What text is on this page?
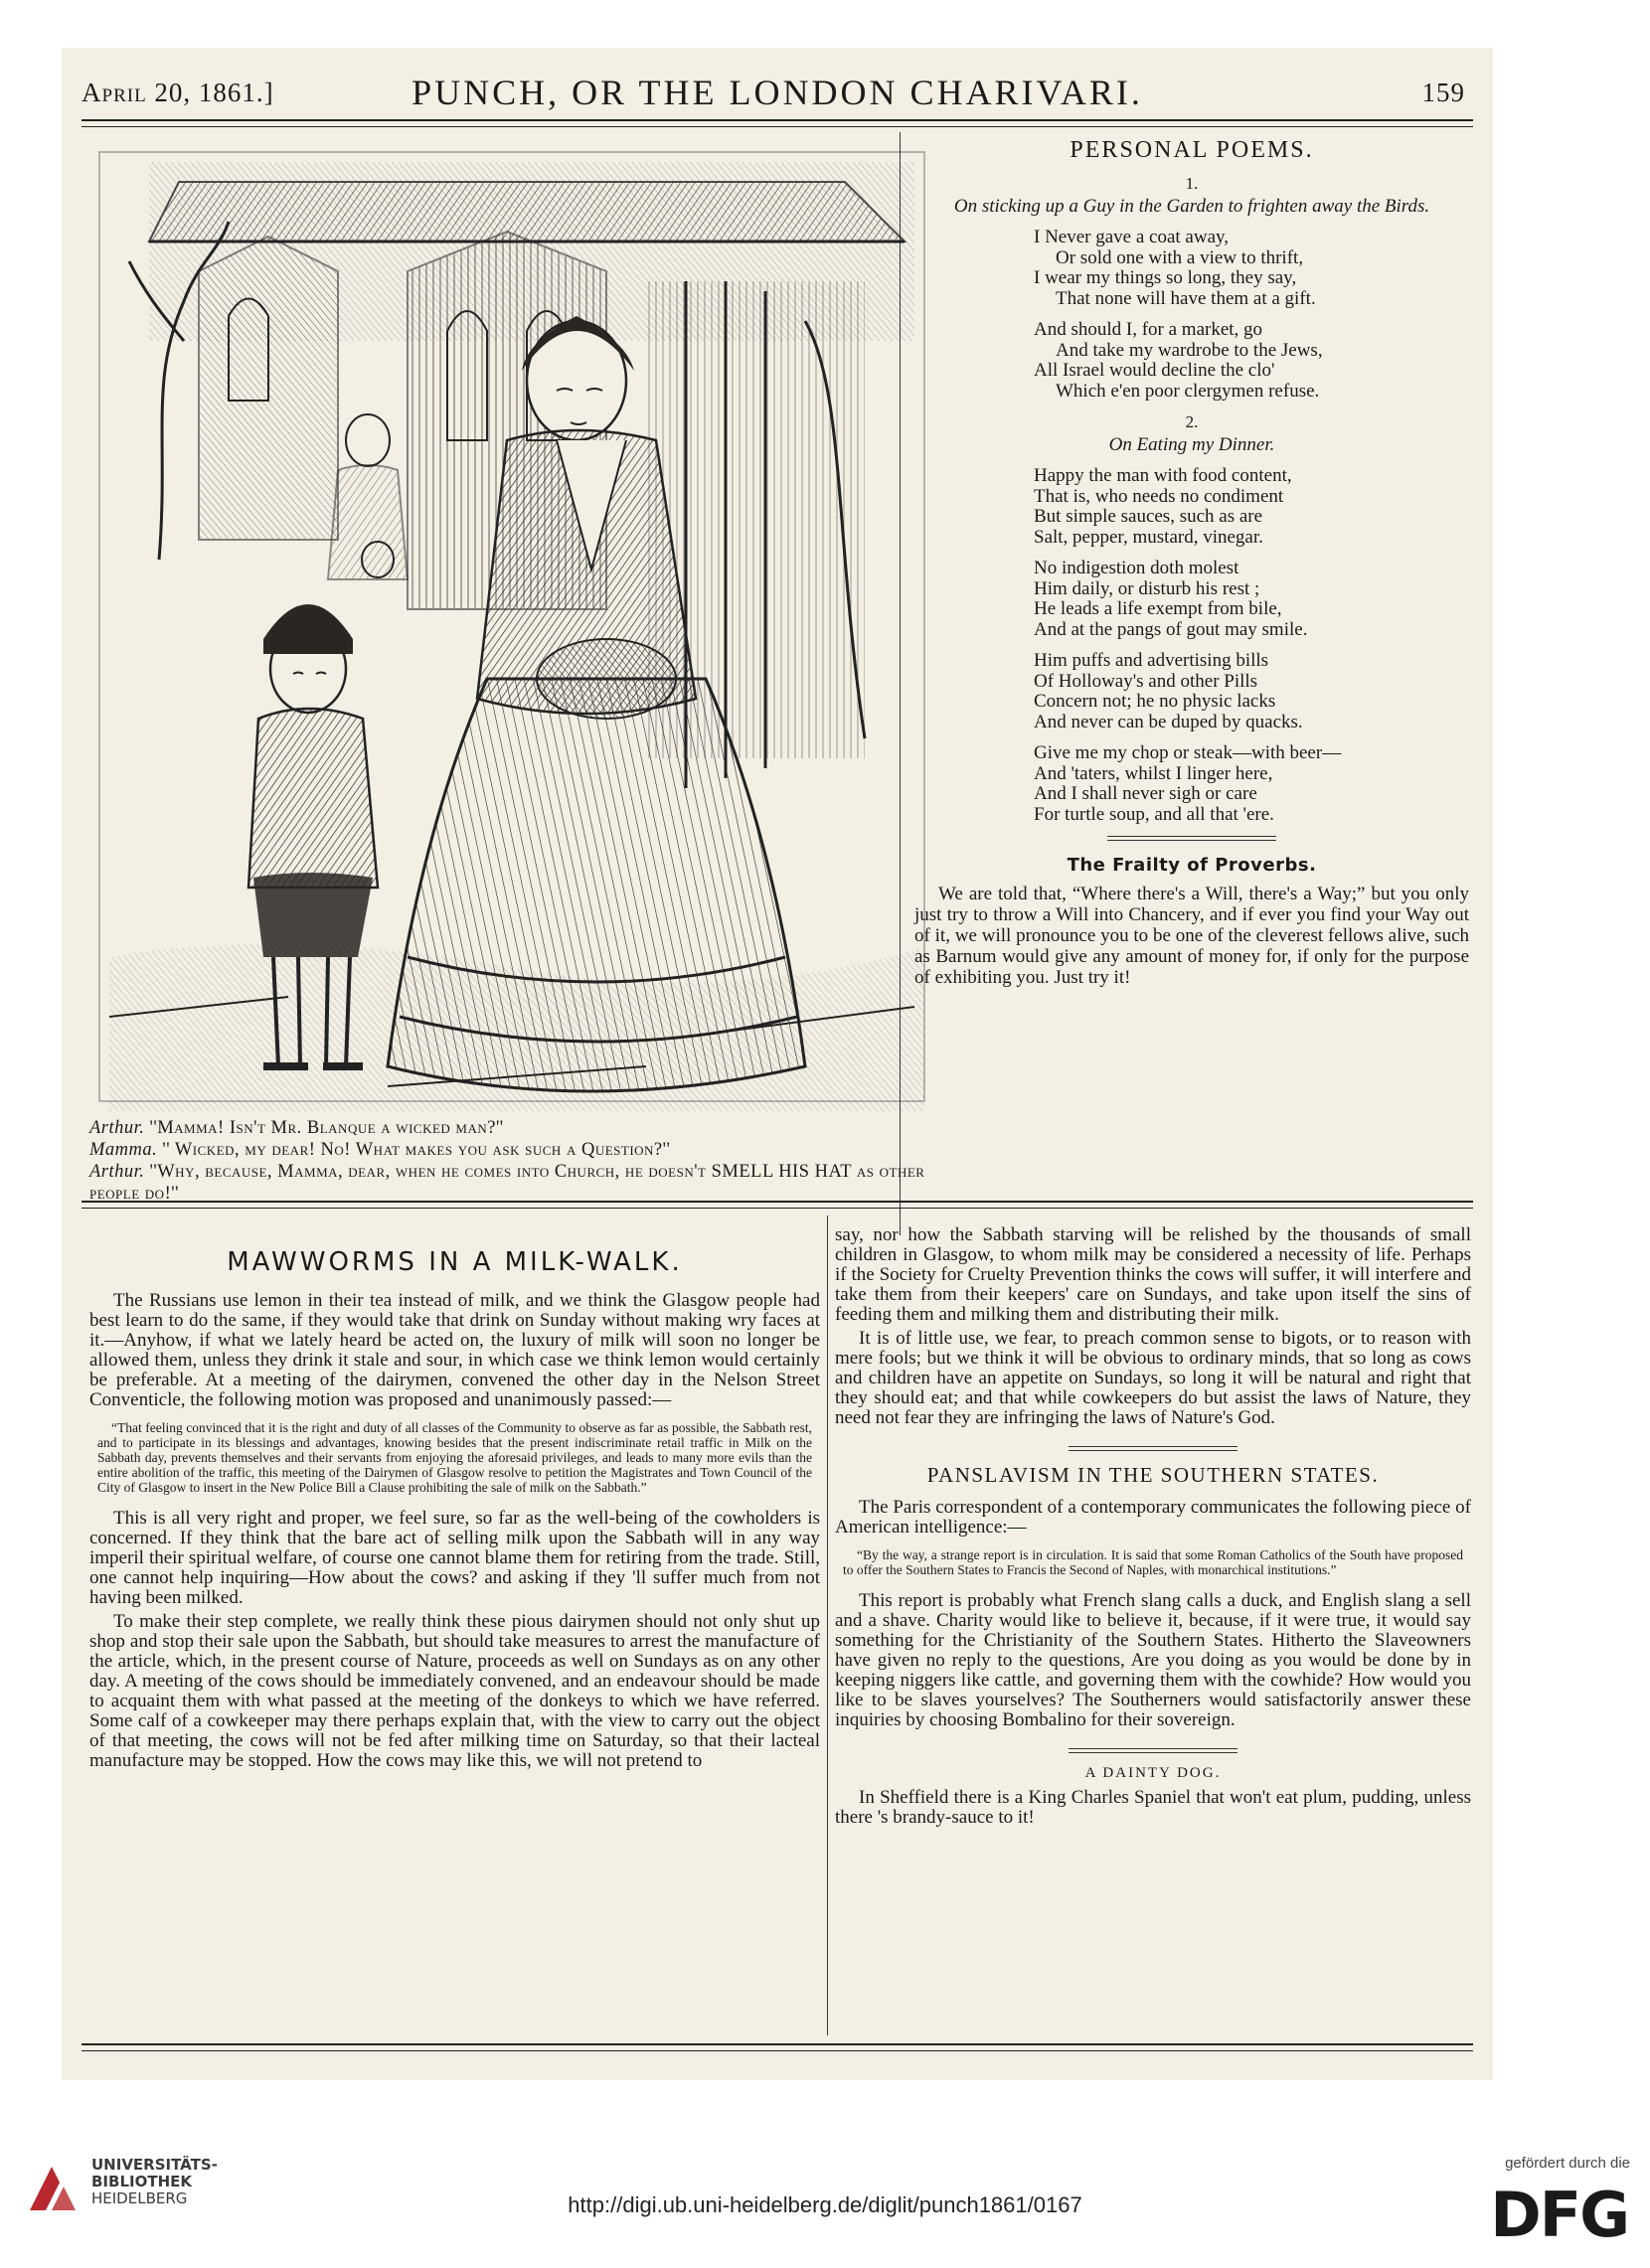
April 20, 1861.]	PUNCH, OR THE LONDON CHARIVARI.	159

Arthur. ''Mamma! Isn't Mr. Blanque a wicked man?''

Mamma. '' Wicked, my dear! No! What makes you ask such a Question?''

Arthur. ''Why, because, Mamma, dear, when he comes into Church, he doesn't SMELL HIS HAT as other people do!''

PERSONAL POEMS.
1.
On sticking up a Guy in the Garden to frighten away the Birds.
I Never gave a coat away,
Or sold one with a view to thrift,
I wear my things so long, they say,
That none will have them at a gift.
And should I, for a market, go
And take my wardrobe to the Jews,
All Israel would decline the clo'
Which e'en poor clergymen refuse.
2.
On Eating my Dinner.
Happy the man with food content,
That is, who needs no condiment
But simple sauces, such as are
Salt, pepper, mustard, vinegar.
No indigestion doth molest
Him daily, or disturb his rest ;
He leads a life exempt from bile,
And at the pangs of gout may smile.
Him puffs and advertising bills
Of Holloway's and other Pills
Concern not; he no physic lacks
And never can be duped by quacks.
Give me my chop or steak—with beer—
And 'taters, whilst I linger here,
And I shall never sigh or care
For turtle soup, and all that 'ere.
The Frailty of Proverbs.

We are told that, “Where there's a Will, there's a Way;” but you only just try to throw a Will into Chancery, and if ever you find your Way out of it, we will pronounce you to be one of the cleverest fellows alive, such as Barnum would give any amount of money for, if only for the purpose of exhibiting you. Just try it!

MAWWORMS IN A MILK-WALK.

The Russians use lemon in their tea instead of milk, and we think the Glasgow people had best learn to do the same, if they would take that drink on Sunday without making wry faces at it.—Anyhow, if what we lately heard be acted on, the luxury of milk will soon no longer be allowed them, unless they drink it stale and sour, in which case we think lemon would certainly be preferable. At a meeting of the dairymen, convened the other day in the Nelson Street Conventicle, the following motion was proposed and unanimously passed:—

“That feeling convinced that it is the right and duty of all classes of the Community to observe as far as possible, the Sabbath rest, and to participate in its blessings and advantages, knowing besides that the present indiscriminate retail traffic in Milk on the Sabbath day, prevents themselves and their servants from enjoying the aforesaid privileges, and leads to many more evils than the entire abolition of the traffic, this meeting of the Dairymen of Glasgow resolve to petition the Magistrates and Town Council of the City of Glasgow to insert in the New Police Bill a Clause prohibiting the sale of milk on the Sabbath.”

This is all very right and proper, we feel sure, so far as the well-being of the cowholders is concerned. If they think that the bare act of selling milk upon the Sabbath will in any way imperil their spiritual welfare, of course one cannot blame them for retiring from the trade. Still, one cannot help inquiring—How about the cows? and asking if they 'll suffer much from not having been milked.

To make their step complete, we really think these pious dairymen should not only shut up shop and stop their sale upon the Sabbath, but should take measures to arrest the manufacture of the article, which, in the present course of Nature, proceeds as well on Sundays as on any other day. A meeting of the cows should be immediately convened, and an endeavour should be made to acquaint them with what passed at the meeting of the donkeys to which we have referred. Some calf of a cowkeeper may there perhaps explain that, with the view to carry out the object of that meeting, the cows will not be fed after milking time on Saturday, so that their lacteal manufacture may be stopped. How the cows may like this, we will not pretend to

say, nor how the Sabbath starving will be relished by the thousands of small children in Glasgow, to whom milk may be considered a necessity of life. Perhaps if the Society for Cruelty Prevention thinks the cows will suffer, it will interfere and take them from their keepers' care on Sundays, and take upon itself the sins of feeding them and milking them and distributing their milk.

It is of little use, we fear, to preach common sense to bigots, or to reason with mere fools; but we think it will be obvious to ordinary minds, that so long as cows and children have an appetite on Sundays, so long it will be natural and right that they should eat; and that while cowkeepers do but assist the laws of Nature, they need not fear they are infringing the laws of Nature's God.

PANSLAVISM IN THE SOUTHERN STATES.

The Paris correspondent of a contemporary communicates the following piece of American intelligence:—

“By the way, a strange report is in circulation. It is said that some Roman Catholics of the South have proposed to offer the Southern States to Francis the Second of Naples, with monarchical institutions.”

This report is probably what French slang calls a duck, and English slang a sell and a shave. Charity would like to believe it, because, if it were true, it would say something for the Christianity of the Southern States. Hitherto the Slaveowners have given no reply to the questions, Are you doing as you would be done by in keeping niggers like cattle, and governing them with the cowhide? How would you like to be slaves yourselves? The Southerners would satisfactorily answer these inquiries by choosing Bombalino for their sovereign.

A DAINTY DOG.

In Sheffield there is a King Charles Spaniel that won't eat plum, pudding, unless there 's brandy-sauce to it!

UNIVERSITÄTS-
BIBLIOTHEK
HEIDELBERG	http://digi.ub.uni-heidelberg.de/diglit/punch1861/0167
gefördert durch die
DFG
